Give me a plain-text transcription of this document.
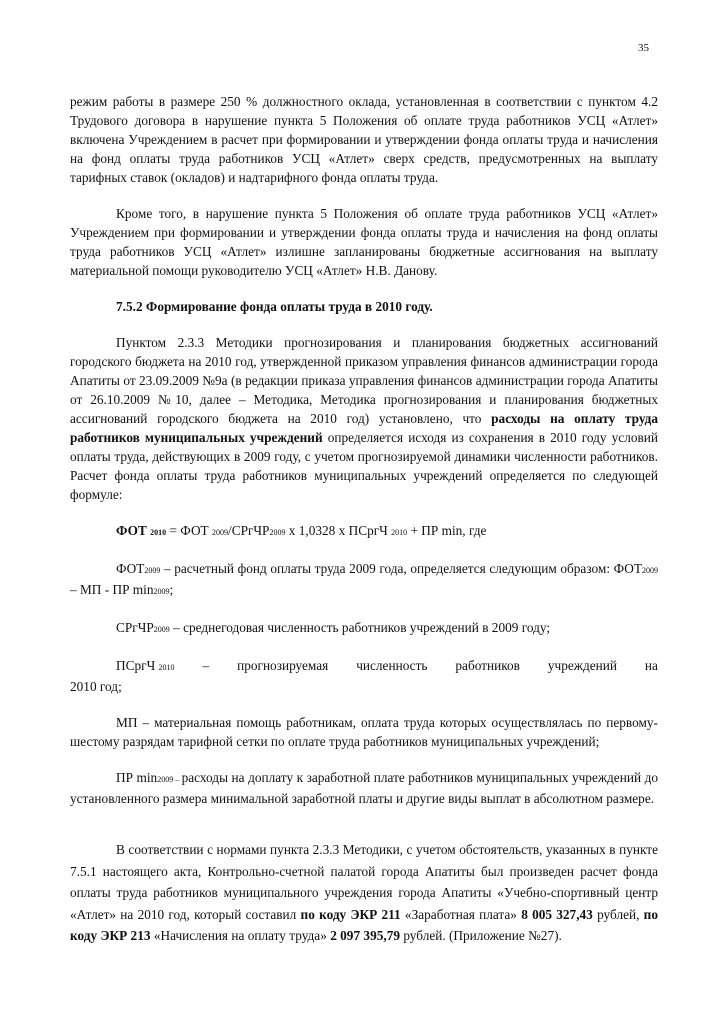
35

режим работы в размере 250 % должностного оклада, установленная в соответствии с пунктом 4.2 Трудового договора в нарушение пункта 5 Положения об оплате труда работников УСЦ «Атлет» включена Учреждением в расчет при формировании и утверждении фонда оплаты труда и начисления на фонд оплаты труда работников УСЦ «Атлет» сверх средств, предусмотренных на выплату тарифных ставок (окладов) и надтарифного фонда оплаты труда.

Кроме того, в нарушение пункта 5 Положения об оплате труда работников УСЦ «Атлет» Учреждением при формировании и утверждении фонда оплаты труда и начисления на фонд оплаты труда работников УСЦ «Атлет» излишне запланированы бюджетные ассигнования на выплату материальной помощи руководителю УСЦ «Атлет» Н.В. Данову.

7.5.2 Формирование фонда оплаты труда в 2010 году.

Пунктом 2.3.3 Методики прогнозирования и планирования бюджетных ассигнований городского бюджета на 2010 год, утвержденной приказом управления финансов администрации города Апатиты от 23.09.2009 №9а (в редакции приказа управления финансов администрации города Апатиты от 26.10.2009 №10, далее – Методика, Методика прогнозирования и планирования бюджетных ассигнований городского бюджета на 2010 год) установлено, что расходы на оплату труда работников муниципальных учреждений определяется исходя из сохранения в 2010 году условий оплаты труда, действующих в 2009 году, с учетом прогнозируемой динамики численности работников. Расчет фонда оплаты труда работников муниципальных учреждений определяется по следующей формуле:

ФОТ 2010 = ФОТ 2009/СРгЧР2009 х 1,0328 х ПСргЧ 2010 + ПР min, где

ФОТ2009 – расчетный фонд оплаты труда 2009 года, определяется следующим образом: ФОТ2009 – МП - ПР min2009;

СРгЧР2009 – среднегодовая численность работников учреждений в 2009 году;

ПСргЧ 2010 – прогнозируемая численность работников учреждений на

2010 год;

МП – материальная помощь работникам, оплата труда которых осуществлялась по первому-шестому разрядам тарифной сетки по оплате труда работников муниципальных учреждений;

ПР min2009 – расходы на доплату к заработной плате работников муниципальных учреждений до установленного размера минимальной заработной платы и другие виды выплат в абсолютном размере.

В соответствии с нормами пункта 2.3.3 Методики, с учетом обстоятельств, указанных в пункте 7.5.1 настоящего акта, Контрольно-счетной палатой города Апатиты был произведен расчет фонда оплаты труда работников муниципального учреждения города Апатиты «Учебно-спортивный центр «Атлет» на 2010 год, который составил по коду ЭКР 211 «Заработная плата» 8 005 327,43 рублей, по коду ЭКР 213 «Начисления на оплату труда» 2 097 395,79 рублей. (Приложение №27).
